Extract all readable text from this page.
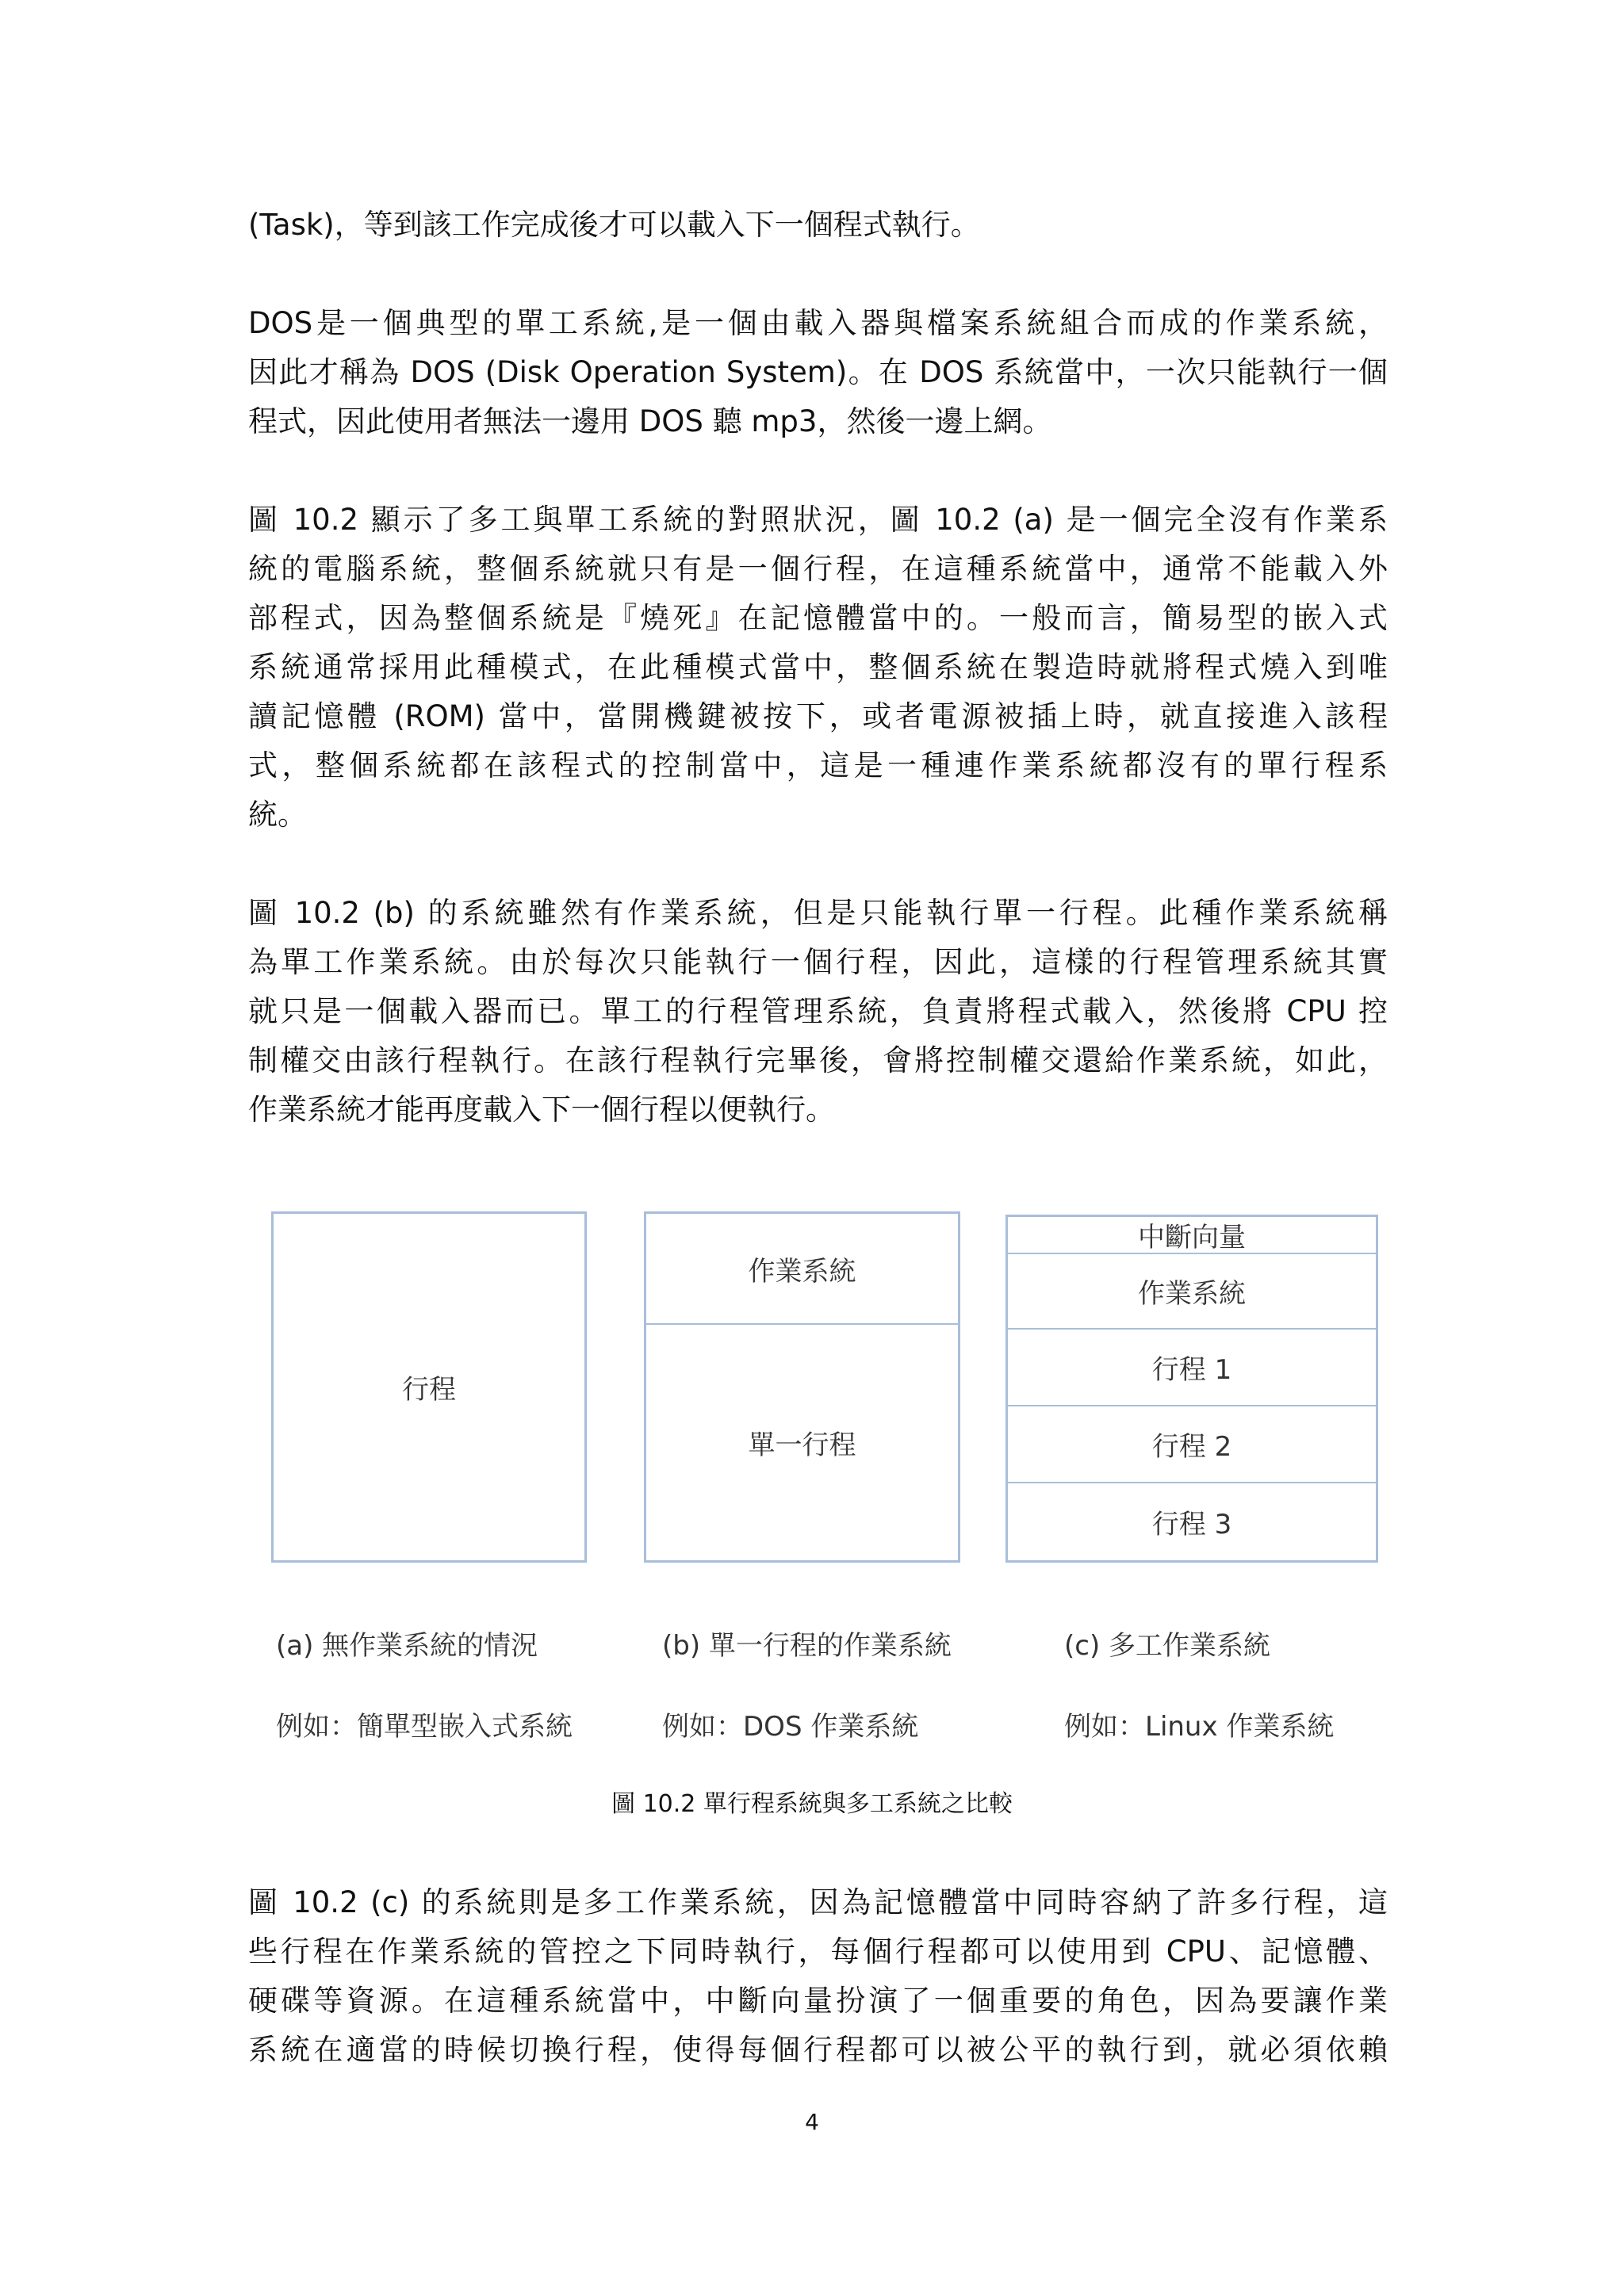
(Task)，等到該工作完成後才可以載入下一個程式執行。

DOS是一個典型的單工系統,是一個由載入器與檔案系統組合而成的作業系統，

因此才稱為 DOS (Disk Operation System)。在 DOS 系統當中，一次只能執行一個

程式，因此使用者無法一邊用 DOS 聽 mp3，然後一邊上網。

圖 10.2 顯示了多工與單工系統的對照狀況，圖 10.2 (a) 是一個完全沒有作業系

統的電腦系統，整個系統就只有是一個行程，在這種系統當中，通常不能載入外

部程式，因為整個系統是『燒死』在記憶體當中的。一般而言，簡易型的嵌入式

系統通常採用此種模式，在此種模式當中，整個系統在製造時就將程式燒入到唯

讀記憶體 (ROM) 當中，當開機鍵被按下，或者電源被插上時，就直接進入該程

式，整個系統都在該程式的控制當中，這是一種連作業系統都沒有的單行程系

統。

圖 10.2 (b) 的系統雖然有作業系統，但是只能執行單一行程。此種作業系統稱

為單工作業系統。由於每次只能執行一個行程，因此，這樣的行程管理系統其實

就只是一個載入器而已。單工的行程管理系統，負責將程式載入，然後將 CPU 控

制權交由該行程執行。在該行程執行完畢後，會將控制權交還給作業系統，如此，

作業系統才能再度載入下一個行程以便執行。

行程
作業系統
單一行程
中斷向量
作業系統
行程 1
行程 2
行程 3
(a) 無作業系統的情況	(b) 單一行程的作業系統	(c) 多工作業系統
例如：簡單型嵌入式系統	例如：DOS 作業系統	例如：Linux 作業系統
圖 10.2 單行程系統與多工系統之比較

圖 10.2 (c) 的系統則是多工作業系統，因為記憶體當中同時容納了許多行程，這

些行程在作業系統的管控之下同時執行，每個行程都可以使用到 CPU、記憶體、

硬碟等資源。在這種系統當中，中斷向量扮演了一個重要的角色，因為要讓作業

系統在適當的時候切換行程，使得每個行程都可以被公平的執行到，就必須依賴

4
